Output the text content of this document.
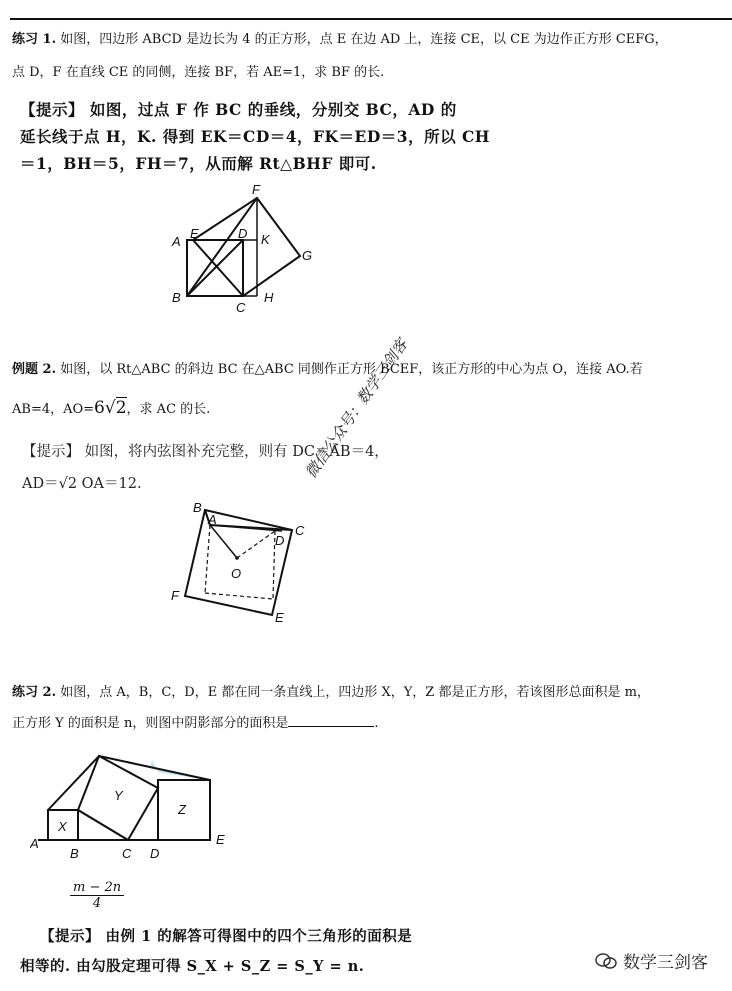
练习 1. 如图，四边形 ABCD 是边长为 4 的正方形，点 E 在边 AD 上，连接 CE，以 CE 为边作正方形 CEFG，
点 D，F 在直线 CE 的同侧，连接 BF，若 AE=1，求 BF 的长.
【提示】 如图，过点 F 作 BC 的垂线，分别交 BC，AD 的
延长线于点 H，K. 得到 EK＝CD＝4，FK＝ED＝3，所以 CH
＝1，BH＝5，FH＝7，从而解 Rt△BHF 即可.
A
B
C
D
E
F
G
H
K
例题 2. 如图，以 Rt△ABC 的斜边 BC 在△ABC 同侧作正方形 BCEF，该正方形的中心为点 O，连接 AO.若
AB=4，AO=6√2，求 AC 的长.
【提示】 如图，将内弦图补充完整，则有 DC＝AB＝4，
AD＝√2 OA＝12.
B
A
C
D
E
F
O
微信公众号：数学三剑客
练习 2. 如图，点 A，B，C，D，E 都在同一条直线上，四边形 X，Y，Z 都是正方形，若该图形总面积是 m，
正方形 Y 的面积是 n，则图中阴影部分的面积是	.
A
B	C D
E
X
Y
Z
$\frac{m - 2n}{4}$
【提示】 由例 1 的解答可得图中的四个三角形的面积是
相等的. 由勾股定理可得 S_X + S_Z = S_Y = n.	数学三剑客
